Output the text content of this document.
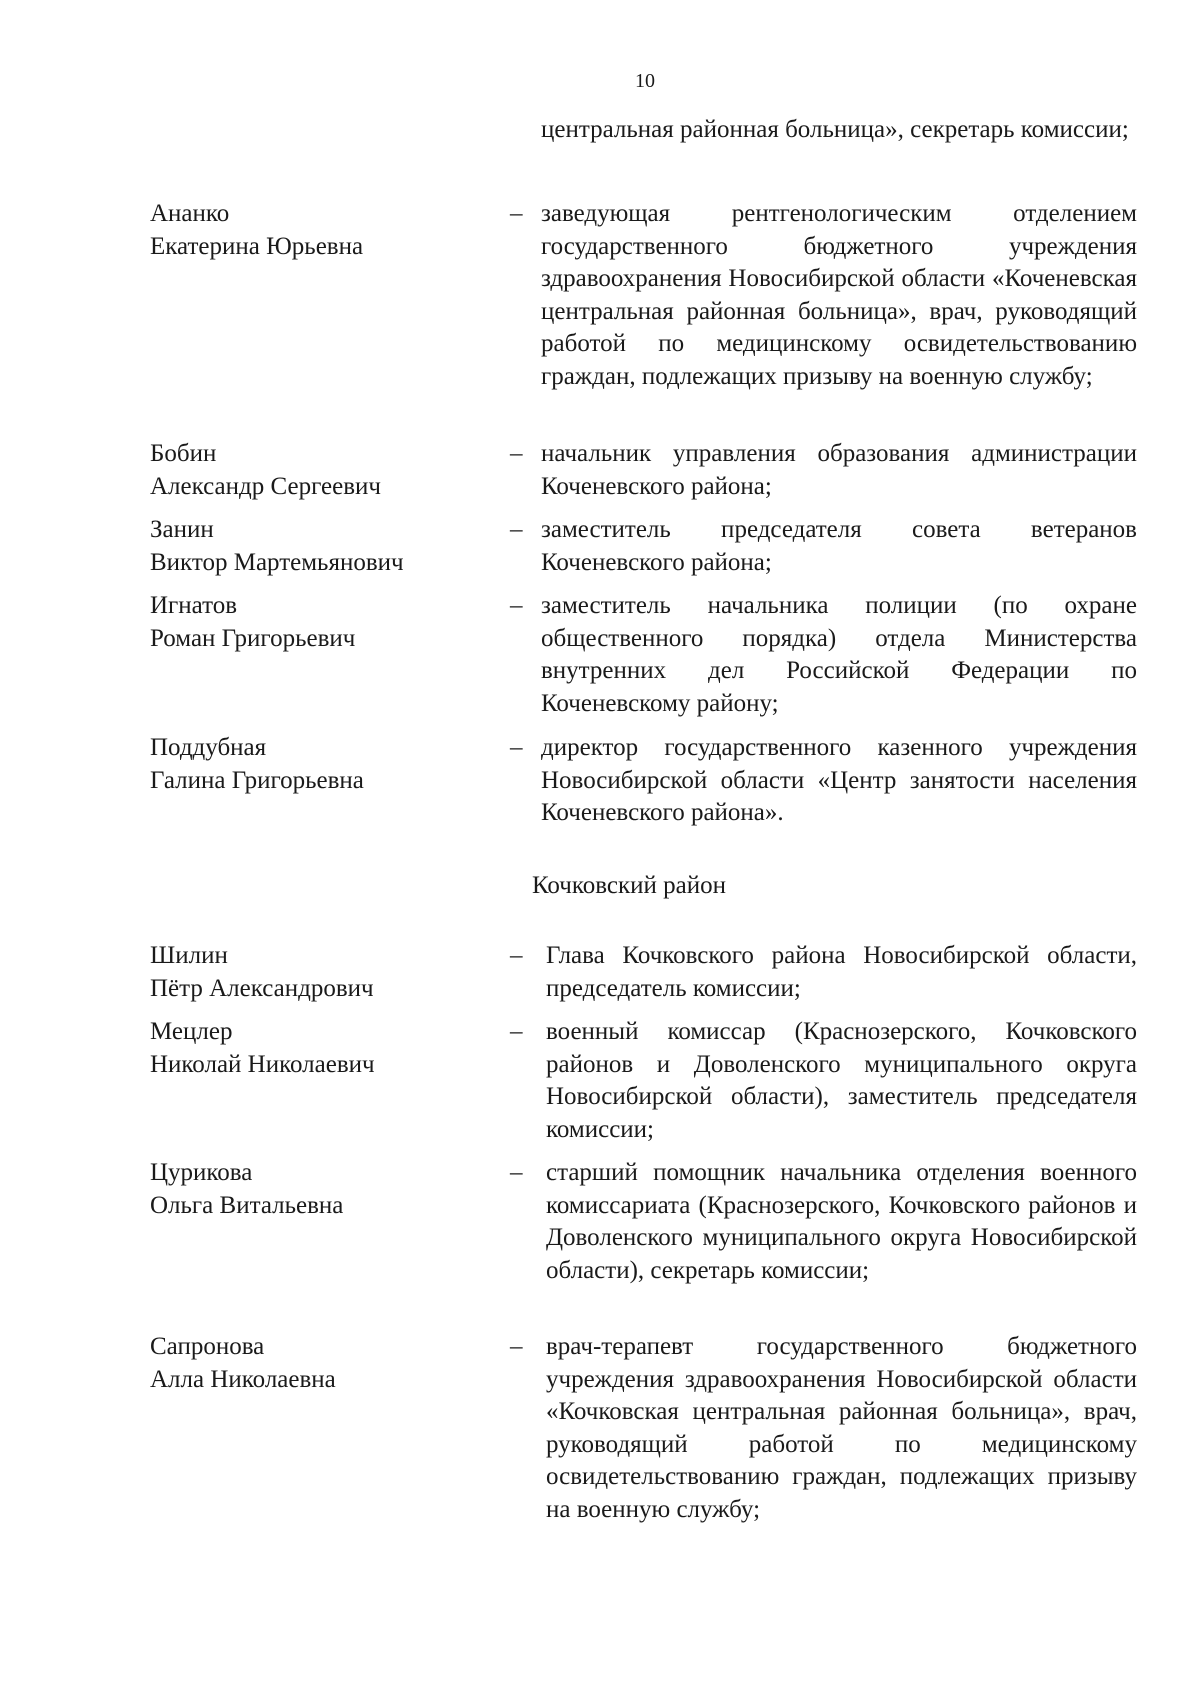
10
центральная районная больница», секретарь комиссии;
Ананко
Екатерина Юрьевна
– заведующая рентгенологическим отделением государственного бюджетного учреждения здравоохранения Новосибирской области «Коченевская центральная районная больница», врач, руководящий работой по медицинскому освидетельствованию граждан, подлежащих призыву на военную службу;
Бобин
Александр Сергеевич
– начальник управления образования администрации Коченевского района;
Занин
Виктор Мартемьянович
– заместитель председателя совета ветеранов Коченевского района;
Игнатов
Роман Григорьевич
– заместитель начальника полиции (по охране общественного порядка) отдела Министерства внутренних дел Российской Федерации по Коченевскому району;
Поддубная
Галина Григорьевна
– директор государственного казенного учреждения Новосибирской области «Центр занятости населения Коченевского района».
Кочковский район
Шилин
Пётр Александрович
– Глава Кочковского района Новосибирской области, председатель комиссии;
Мецлер
Николай Николаевич
– военный комиссар (Краснозерского, Кочковского районов и Доволенского муниципального округа Новосибирской области), заместитель председателя комиссии;
Цурикова
Ольга Витальевна
– старший помощник начальника отделения военного комиссариата (Краснозерского, Кочковского районов и Доволенского муниципального округа Новосибирской области), секретарь комиссии;
Сапронова
Алла Николаевна
– врач-терапевт государственного бюджетного учреждения здравоохранения Новосибирской области «Кочковская центральная районная больница», врач, руководящий работой по медицинскому освидетельствованию граждан, подлежащих призыву на военную службу;
